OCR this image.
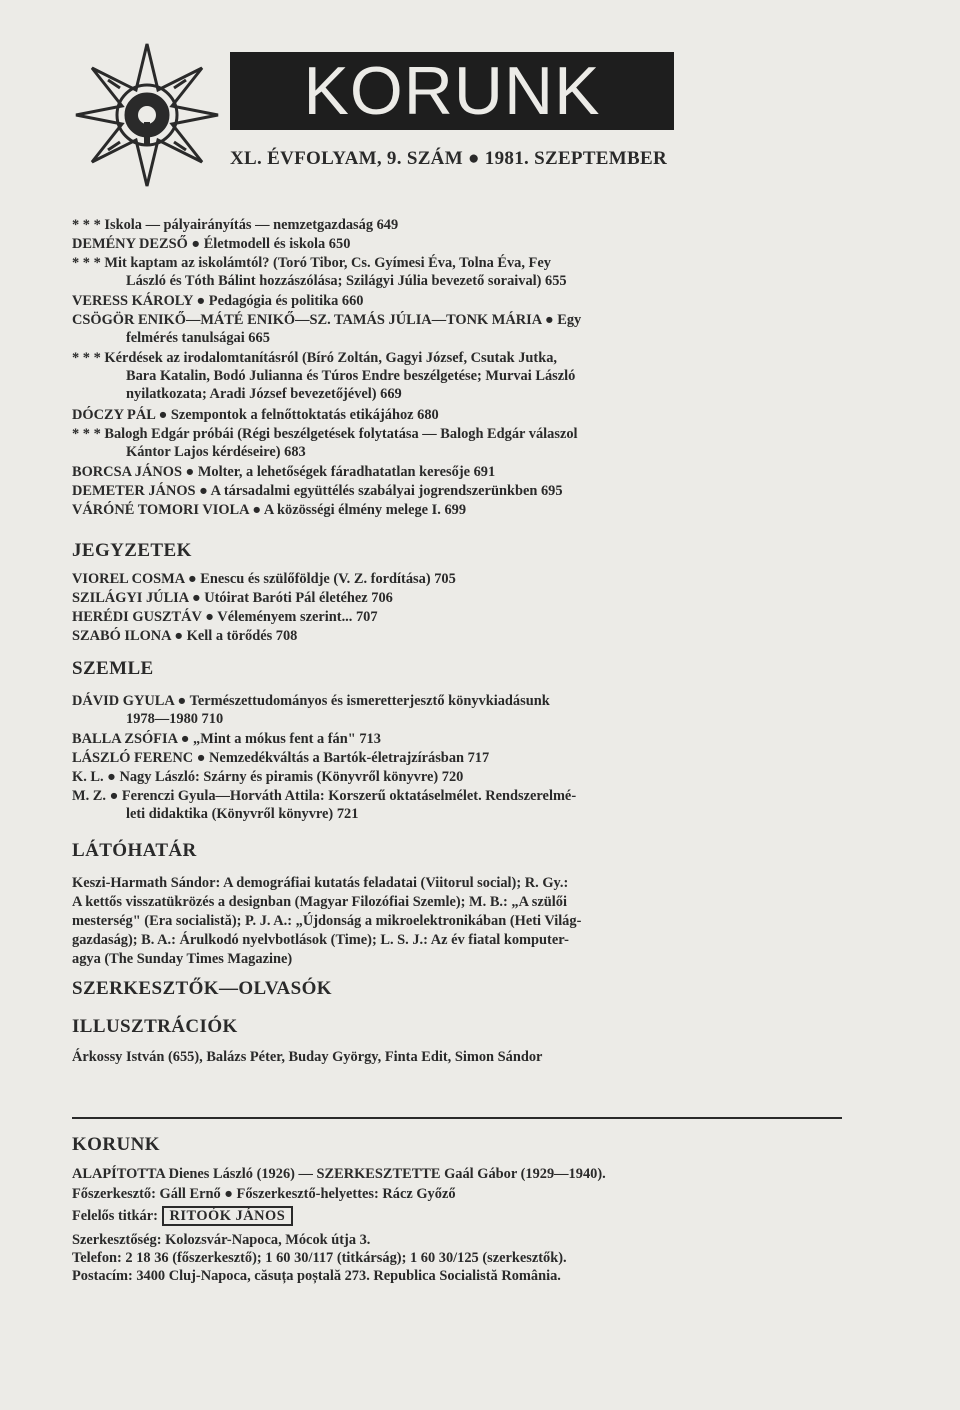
KORUNK
XL. ÉVFOLYAM, 9. SZÁM ● 1981. SZEPTEMBER
* * * Iskola — pályairányítás — nemzetgazdaság 649
DEMÉNY DEZSŐ ● Életmodell és iskola 650
* * * Mit kaptam az iskolámtól? (Toró Tibor, Cs. Gyímesi Éva, Tolna Éva, Fey
László és Tóth Bálint hozzászólása; Szilágyi Júlia bevezető soraival) 655
VERESS KÁROLY ● Pedagógia és politika 660
CSÖGÖR ENIKŐ—MÁTÉ ENIKŐ—SZ. TAMÁS JÚLIA—TONK MÁRIA ● Egy
felmérés tanulságai 665
* * * Kérdések az irodalomtanításról (Bíró Zoltán, Gagyi József, Csutak Jutka,
Bara Katalin, Bodó Julianna és Túros Endre beszélgetése; Murvai László
nyilatkozata; Aradi József bevezetőjével) 669
DÓCZY PÁL ● Szempontok a felnőttoktatás etikájához 680
* * * Balogh Edgár próbái (Régi beszélgetések folytatása — Balogh Edgár válaszol
Kántor Lajos kérdéseire) 683
BORCSA JÁNOS ● Molter, a lehetőségek fáradhatatlan keresője 691
DEMETER JÁNOS ● A társadalmi együttélés szabályai jogrendszerünkben 695
VÁRÓNÉ TOMORI VIOLA ● A közösségi élmény melege I. 699
JEGYZETEK
VIOREL COSMA ● Enescu és szülőföldje (V. Z. fordítása) 705
SZILÁGYI JÚLIA ● Utóirat Baróti Pál életéhez 706
HERÉDI GUSZTÁV ● Véleményem szerint... 707
SZABÓ ILONA ● Kell a törődés 708
SZEMLE
DÁVID GYULA ● Természettudományos és ismeretterjesztő könyvkiadásunk
1978—1980 710
BALLA ZSÓFIA ● „Mint a mókus fent a fán" 713
LÁSZLÓ FERENC ● Nemzedékváltás a Bartók-életrajzírásban 717
K. L. ● Nagy László: Szárny és piramis (Könyvről könyvre) 720
M. Z. ● Ferenczi Gyula—Horváth Attila: Korszerű oktatáselmélet. Rendszerelmé-
leti didaktika (Könyvről könyvre) 721
LÁTÓHATÁR
Keszi-Harmath Sándor: A demográfiai kutatás feladatai (Viitorul social); R. Gy.:
A kettős visszatükrözés a designban (Magyar Filozófiai Szemle); M. B.: „A szülői
mesterség" (Era socialistă); P. J. A.: „Újdonság a mikroelektronikában (Heti Világ-
gazdaság); B. A.: Árulkodó nyelvbotlások (Time); L. S. J.: Az év fiatal komputer-
agya (The Sunday Times Magazine)
SZERKESZTŐK—OLVASÓK
ILLUSZTRÁCIÓK
Árkossy István (655), Balázs Péter, Buday György, Finta Edit, Simon Sándor
KORUNK
ALAPÍTOTTA Dienes László (1926) — SZERKESZTETTE Gaál Gábor (1929—1940).
Főszerkesztő: Gáll Ernő ● Főszerkesztő-helyettes: Rácz Győző
Felelős titkár: RITOÓK JÁNOS
Szerkesztőség: Kolozsvár-Napoca, Mócok útja 3.
Telefon: 2 18 36 (főszerkesztő); 1 60 30/117 (titkárság); 1 60 30/125 (szerkesztők).
Postacím: 3400 Cluj-Napoca, căsuța poștală 273. Republica Socialistă România.
